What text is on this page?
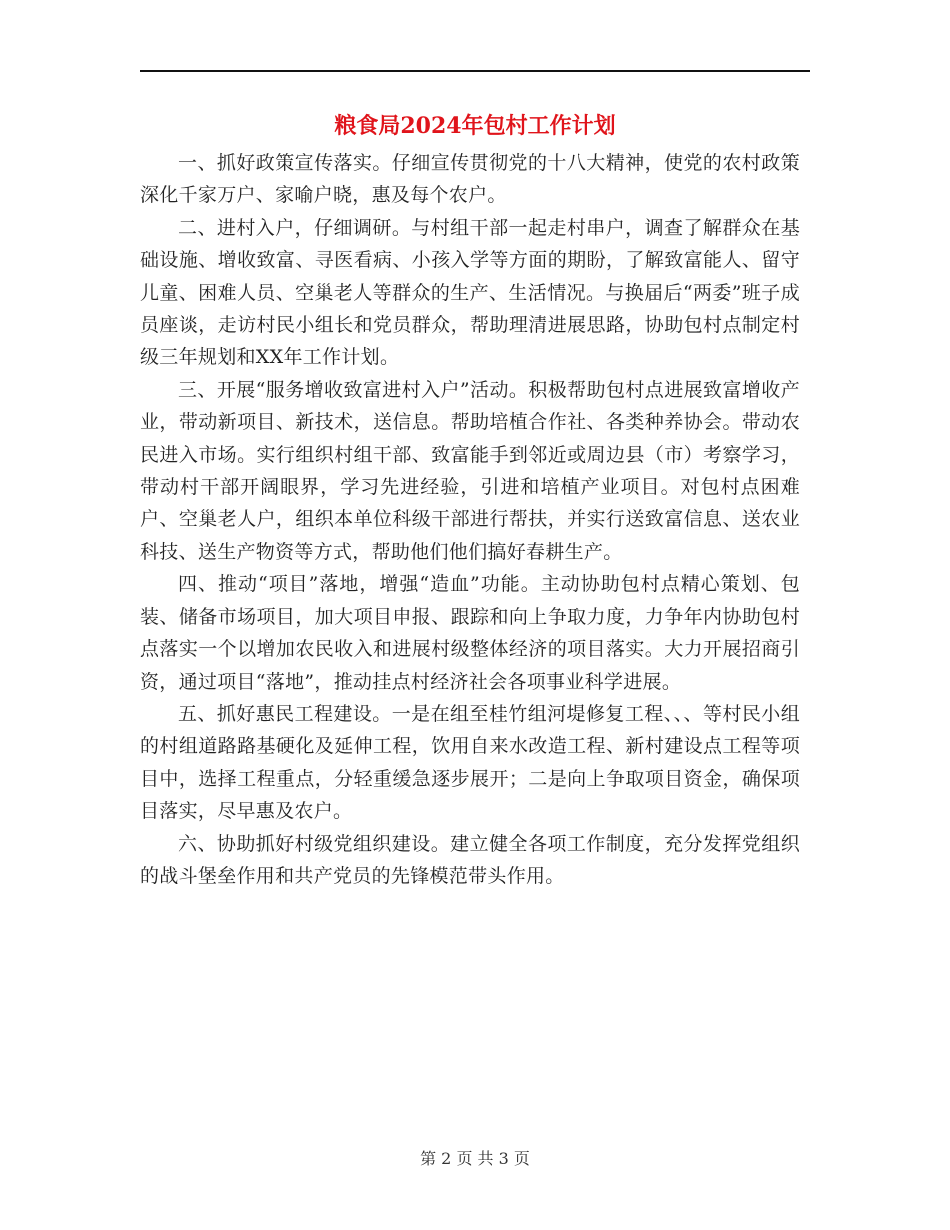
粮食局2024年包村工作计划

一、抓好政策宣传落实。仔细宣传贯彻党的十八大精神，使党的农村政策深化千家万户、家喻户晓，惠及每个农户。

二、进村入户，仔细调研。与村组干部一起走村串户，调查了解群众在基础设施、增收致富、寻医看病、小孩入学等方面的期盼，了解致富能人、留守儿童、困难人员、空巢老人等群众的生产、生活情况。与换届后“两委”班子成员座谈，走访村民小组长和党员群众，帮助理清进展思路，协助包村点制定村级三年规划和XX年工作计划。

三、开展“服务增收致富进村入户”活动。积极帮助包村点进展致富增收产业，带动新项目、新技术，送信息。帮助培植合作社、各类种养协会。带动农民进入市场。实行组织村组干部、致富能手到邻近或周边县（市）考察学习，带动村干部开阔眼界，学习先进经验，引进和培植产业项目。对包村点困难户、空巢老人户，组织本单位科级干部进行帮扶，并实行送致富信息、送农业科技、送生产物资等方式，帮助他们他们搞好春耕生产。

四、推动“项目”落地，增强“造血”功能。主动协助包村点精心策划、包装、储备市场项目，加大项目申报、跟踪和向上争取力度，力争年内协助包村点落实一个以增加农民收入和进展村级整体经济的项目落实。大力开展招商引资，通过项目“落地”，推动挂点村经济社会各项事业科学进展。

五、抓好惠民工程建设。一是在组至桂竹组河堤修复工程、、、等村民小组的村组道路路基硬化及延伸工程，饮用自来水改造工程、新村建设点工程等项目中，选择工程重点，分轻重缓急逐步展开；二是向上争取项目资金，确保项目落实，尽早惠及农户。

六、协助抓好村级党组织建设。建立健全各项工作制度，充分发挥党组织的战斗堡垒作用和共产党员的先锋模范带头作用。

第 2 页 共 3 页
